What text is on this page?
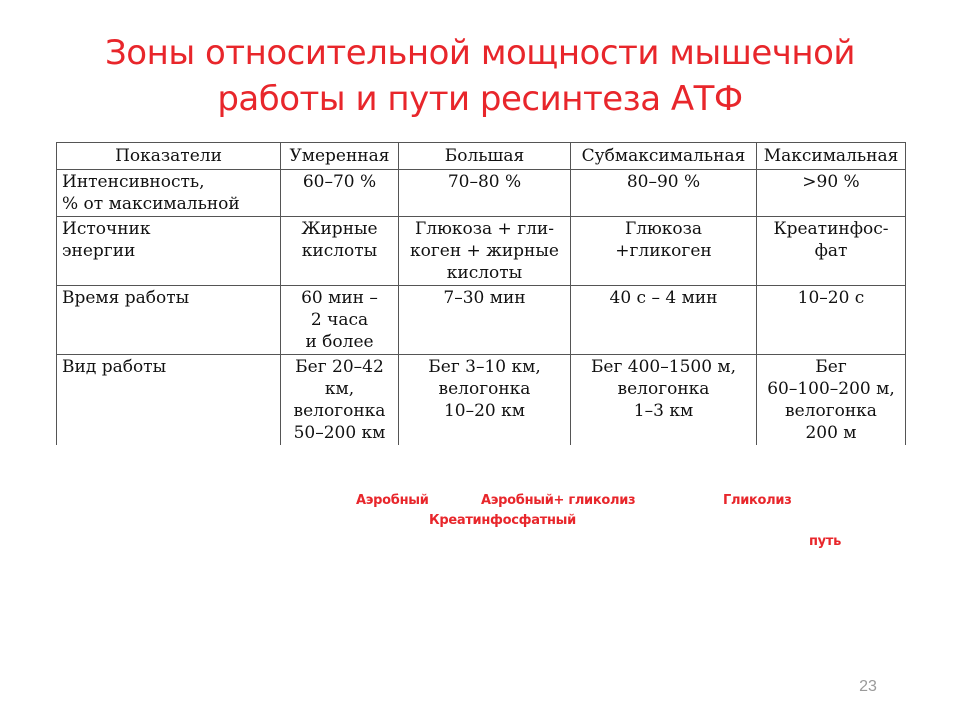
Зоны относительной мощности мышечной
работы и пути ресинтеза АТФ
Показатели	Умеренная	Большая	Субмаксимальная	Максимальная
Интенсивность,
% от максимальной	60–70 %	70–80 %	80–90 %	>90 %
Источник
энергии	Жирные
кислоты	Глюкоза + гли-
коген + жирные
кислоты	Глюкоза
+гликоген	Креатинфос-
фат
Время работы	60 мин –
2 часа
и более	7–30 мин	40 с – 4 мин	10–20 с
Вид работы	Бег 20–42
км,
велогонка
50–200 км	Бег 3–10 км,
велогонка
10–20 км	Бег 400–1500 м,
велогонка
1–3 км	Бег
60–100–200 м,
велогонка
200 м
Аэробный	Аэробный+ гликолиз	Гликолиз
Креатинфосфатный
путь
23
